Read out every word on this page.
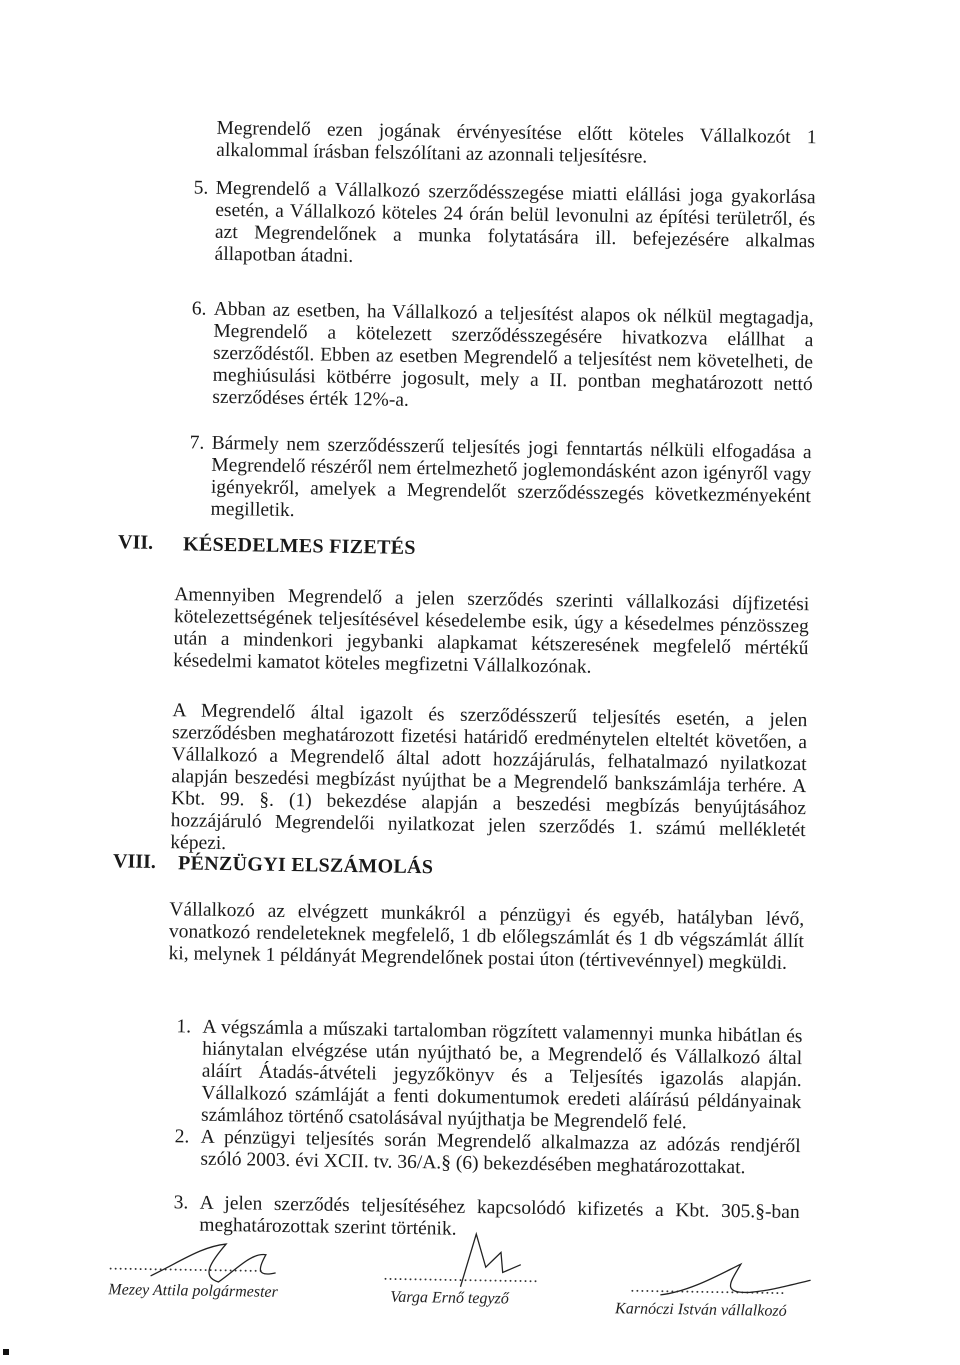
Megrendelő ezen jogának érvényesítése előtt köteles Vállalkozót 1 alkalommal írásban felszólítani az azonnali teljesítésre.

5. Megrendelő a Vállalkozó szerződésszegése miatti elállási joga gyakorlása esetén, a Vállalkozó köteles 24 órán belül levonulni az építési területről, és azt Megrendelőnek a munka folytatására ill. befejezésére alkalmas állapotban átadni.

6. Abban az esetben, ha Vállalkozó a teljesítést alapos ok nélkül megtagadja, Megrendelő a kötelezett szerződésszegésére hivatkozva elállhat a szerződéstől. Ebben az esetben Megrendelő a teljesítést nem követelheti, de meghiúsulási kötbérre jogosult, mely a II. pontban meghatározott nettó szerződéses érték 12%-a.

7. Bármely nem szerződésszerű teljesítés jogi fenntartás nélküli elfogadása a Megrendelő részéről nem értelmezhető joglemondásként azon igényről vagy igényekről, amelyek a Megrendelőt szerződésszegés következményeként megilletik.

VII. KÉSEDELMES FIZETÉS

Amennyiben Megrendelő a jelen szerződés szerinti vállalkozási díjfizetési kötelezettségének teljesítésével késedelembe esik, úgy a késedelmes pénzösszeg után a mindenkori jegybanki alapkamat kétszeresének megfelelő mértékű késedelmi kamatot köteles megfizetni Vállalkozónak.

A Megrendelő által igazolt és szerződésszerű teljesítés esetén, a jelen szerződésben meghatározott fizetési határidő eredménytelen elteltét követően, a Vállalkozó a Megrendelő által adott hozzájárulás, felhatalmazó nyilatkozat alapján beszedési megbízást nyújthat be a Megrendelő bankszámlája terhére. A Kbt. 99. §. (1) bekezdése alapján a beszedési megbízás benyújtásához hozzájáruló Megrendelői nyilatkozat jelen szerződés 1. számú mellékletét képezi.

VIII. PÉNZÜGYI ELSZÁMOLÁS

Vállalkozó az elvégzett munkákról a pénzügyi és egyéb, hatályban lévő, vonatkozó rendeleteknek megfelelő, 1 db előlegszámlát és 1 db végszámlát állít ki, melynek 1 példányát Megrendelőnek postai úton (tértivevénnyel) megküldi.

1. A végszámla a műszaki tartalomban rögzített valamennyi munka hibátlan és hiánytalan elvégzése után nyújtható be, a Megrendelő és Vállalkozó által aláírt Átadás-átvételi jegyzőkönyv és a Teljesítés igazolás alapján. Vállalkozó számláját a fenti dokumentumok eredeti aláírású példányainak számlához történő csatolásával nyújthatja be Megrendelő felé.

2. A pénzügyi teljesítés során Megrendelő alkalmazza az adózás rendjéről szóló 2003. évi XCII. tv. 36/A.§ (6) bekezdésében meghatározottakat.

3. A jelen szerződés teljesítéséhez kapcsolódó kifizetés a Kbt. 305.§-ban meghatározottak szerint történik.

...............................
Mezey Attila polgármester
...............................
Varga Ernő tegyző
...............................
Karnóczi István vállalkozó
